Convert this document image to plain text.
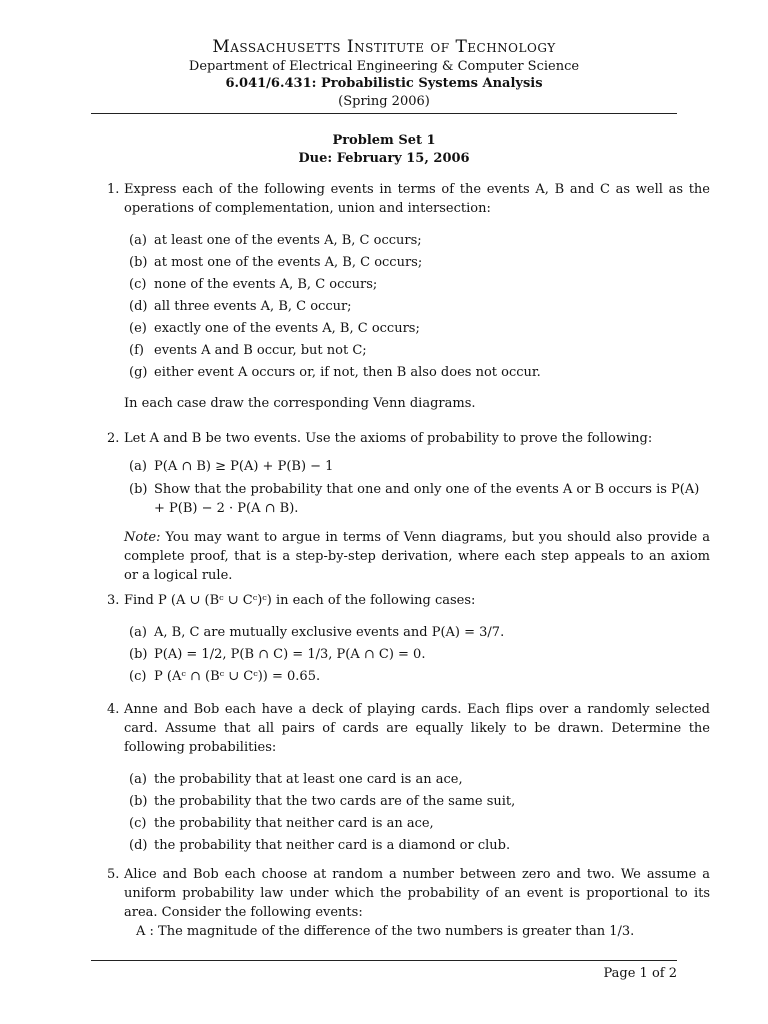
Massachusetts Institute of Technology
Department of Electrical Engineering & Computer Science
6.041/6.431: Probabilistic Systems Analysis
(Spring 2006)
Problem Set 1
Due: February 15, 2006
1. Express each of the following events in terms of the events A, B and C as well as the operations of complementation, union and intersection:

(a) at least one of the events A, B, C occurs;
(b) at most one of the events A, B, C occurs;
(c) none of the events A, B, C occurs;
(d) all three events A, B, C occur;
(e) exactly one of the events A, B, C occurs;
(f) events A and B occur, but not C;
(g) either event A occurs or, if not, then B also does not occur.

In each case draw the corresponding Venn diagrams.

2. Let A and B be two events. Use the axioms of probability to prove the following:

(a) P(A ∩ B) ≥ P(A) + P(B) − 1
(b) Show that the probability that one and only one of the events A or B occurs is P(A) + P(B) − 2 · P(A ∩ B).

Note: You may want to argue in terms of Venn diagrams, but you should also provide a complete proof, that is a step-by-step derivation, where each step appeals to an axiom or a logical rule.

3. Find P (A ∪ (Bᶜ ∪ Cᶜ)ᶜ) in each of the following cases:

(a) A, B, C are mutually exclusive events and P(A) = 3/7.
(b) P(A) = 1/2, P(B ∩ C) = 1/3, P(A ∩ C) = 0.
(c) P (Aᶜ ∩ (Bᶜ ∪ Cᶜ)) = 0.65.
4. Anne and Bob each have a deck of playing cards. Each flips over a randomly selected card. Assume that all pairs of cards are equally likely to be drawn. Determine the following probabilities:

(a) the probability that at least one card is an ace,
(b) the probability that the two cards are of the same suit,
(c) the probability that neither card is an ace,
(d) the probability that neither card is a diamond or club.
5. Alice and Bob each choose at random a number between zero and two. We assume a uniform probability law under which the probability of an event is proportional to its area. Consider the following events:

A : The magnitude of the difference of the two numbers is greater than 1/3.

Page 1 of 2
